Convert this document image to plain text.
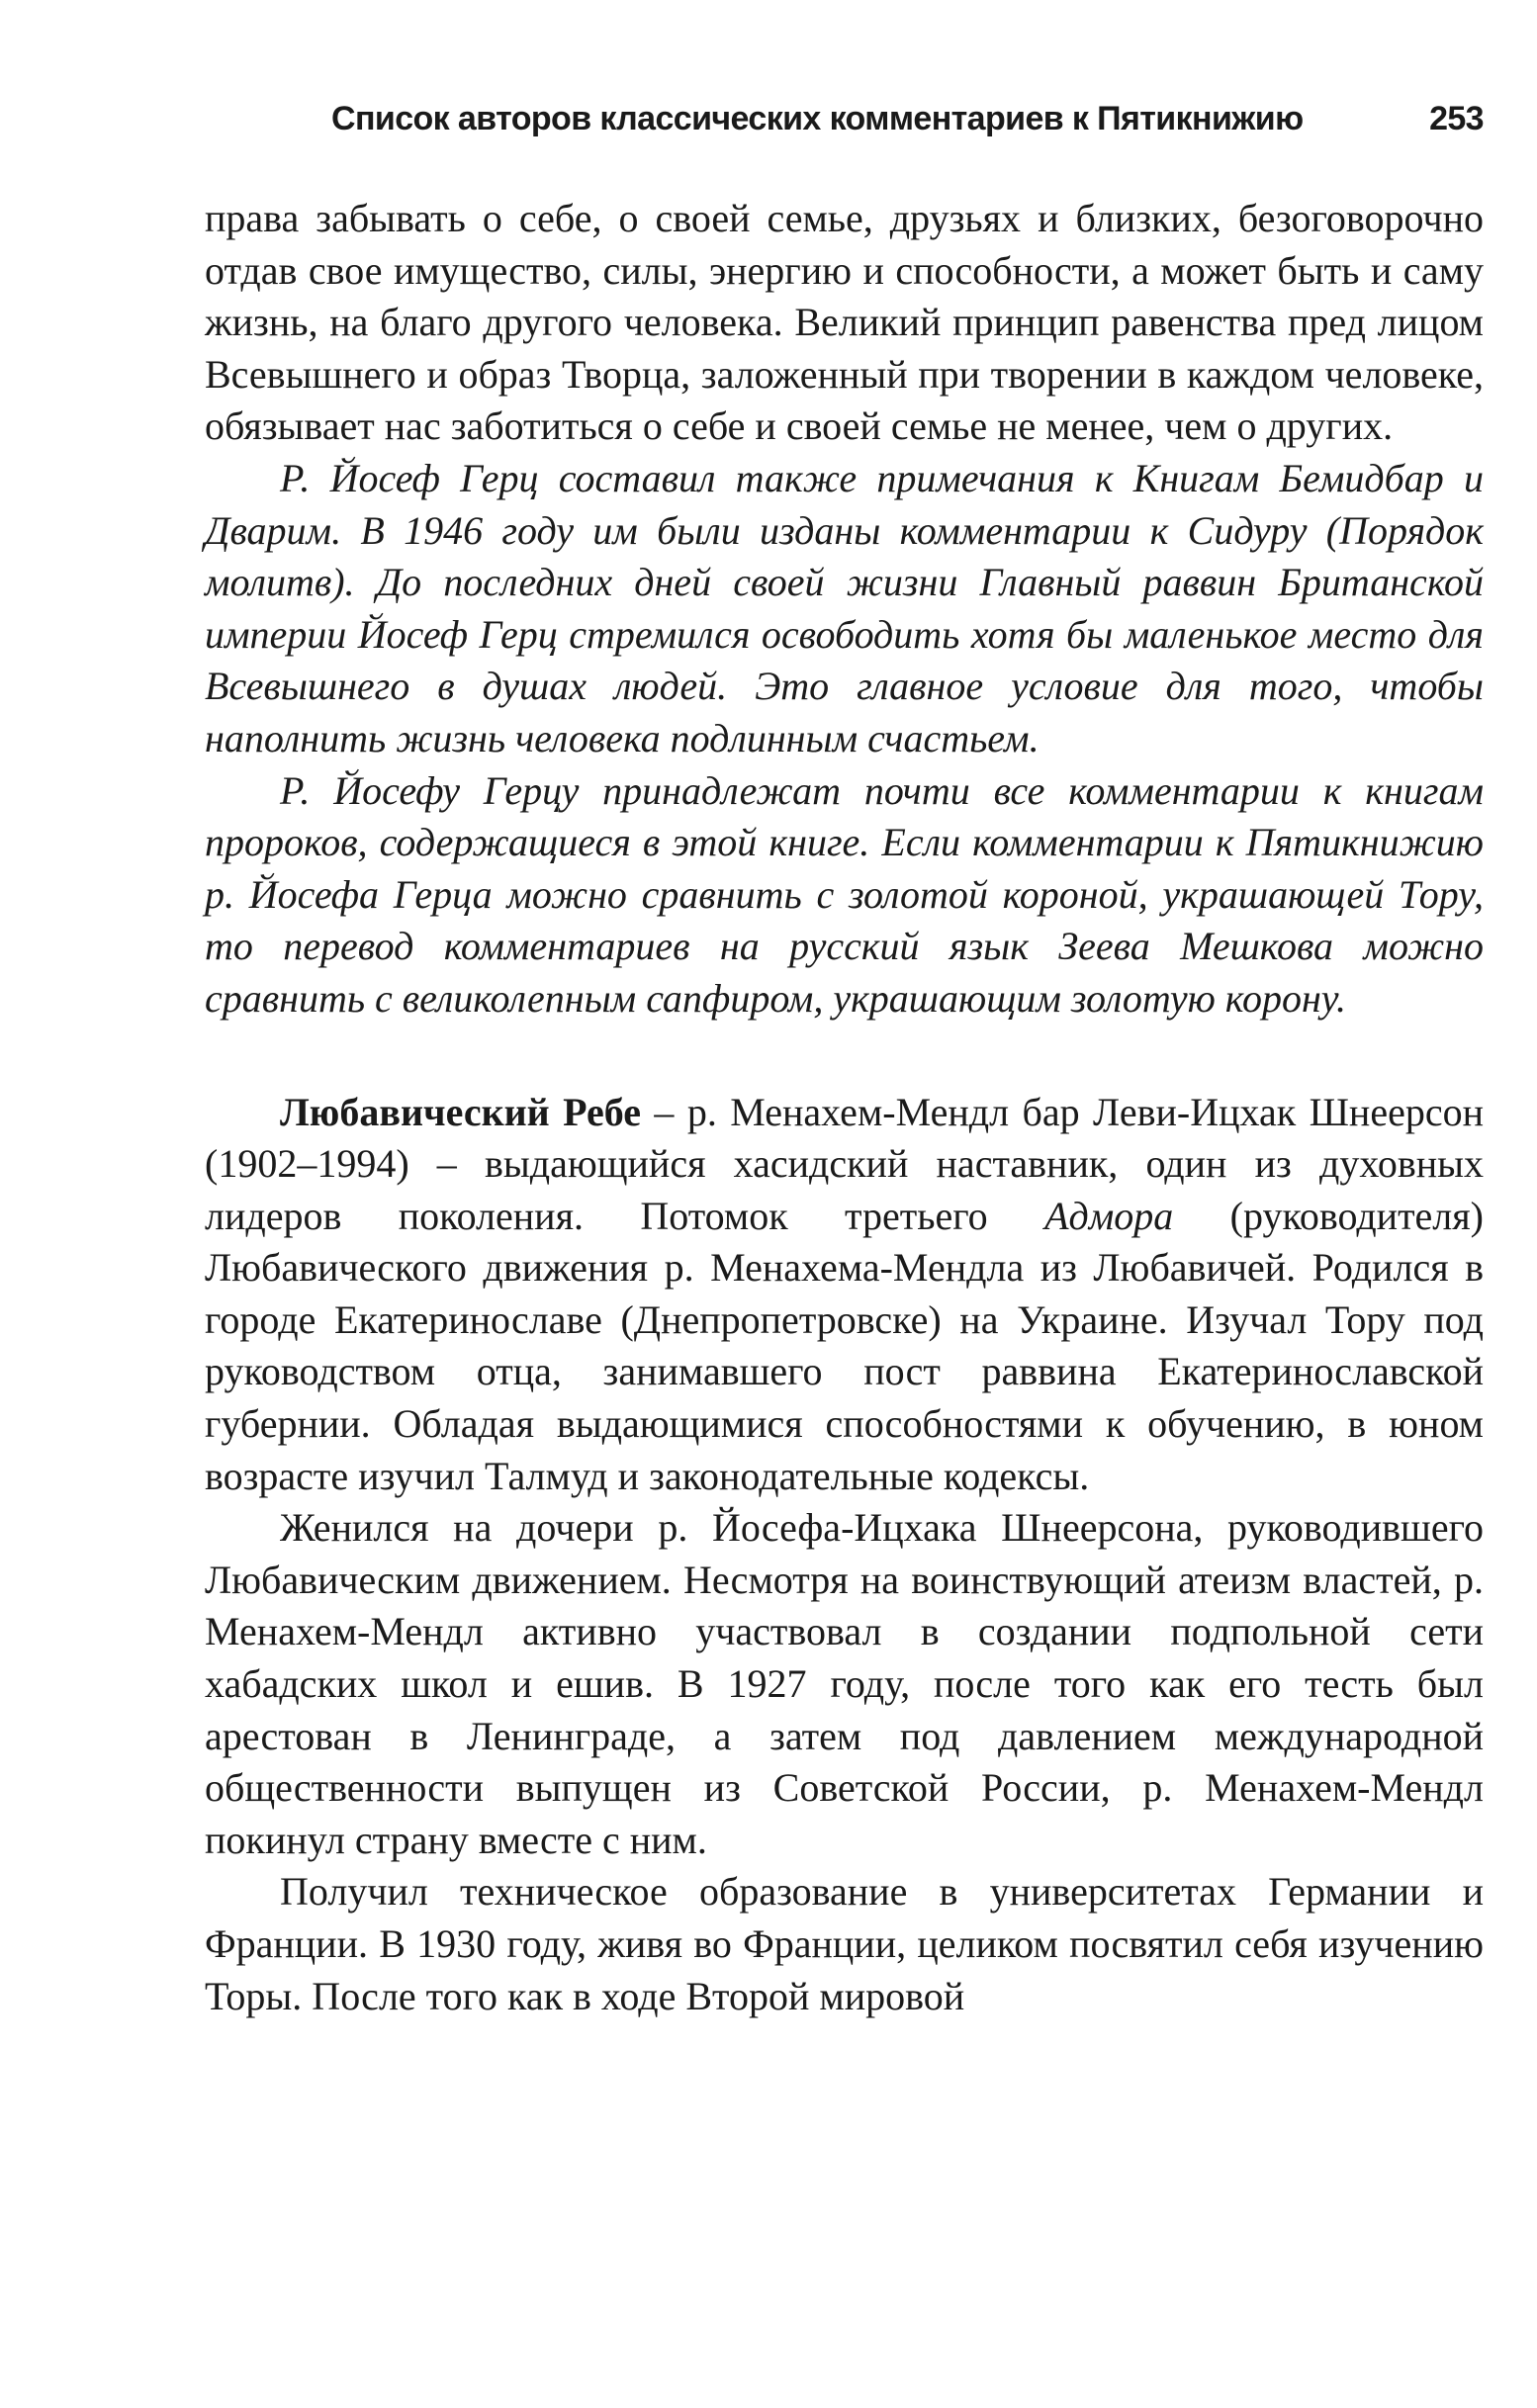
Список авторов классических комментариев к Пятикнижию	253

права забывать о себе, о своей семье, друзьях и близких, безоговорочно отдав свое имущество, силы, энергию и способности, а может быть и саму жизнь, на благо другого человека. Великий принцип равенства пред лицом Всевышнего и образ Творца, заложенный при творении в каждом человеке, обязывает нас заботиться о себе и своей семье не менее, чем о других.

Р. Йосеф Герц составил также примечания к Книгам Бемидбар и Дварим. В 1946 году им были изданы комментарии к Сидуру (Порядок молитв). До последних дней своей жизни Главный раввин Британской империи Йосеф Герц стремился освободить хотя бы маленькое место для Всевышнего в душах людей. Это главное условие для того, чтобы наполнить жизнь человека подлинным счастьем.

Р. Йосефу Герцу принадлежат почти все комментарии к книгам пророков, содержащиеся в этой книге. Если комментарии к Пятикнижию р. Йосефа Герца можно сравнить с золотой короной, украшающей Тору, то перевод комментариев на русский язык Зеева Мешкова можно сравнить с великолепным сапфиром, украшающим золотую корону.

Любавический Ребе – р. Менахем-Мендл бар Леви-Ицхак Шнеерсон (1902–1994) – выдающийся хасидский наставник, один из духовных лидеров поколения. Потомок третьего Адмора (руководителя) Любавического движения р. Менахема-Мендла из Любавичей. Родился в городе Екатеринославе (Днепропетровске) на Украине. Изучал Тору под руководством отца, занимавшего пост раввина Екатеринославской губернии. Обладая выдающимися способностями к обучению, в юном возрасте изучил Талмуд и законодательные кодексы.

Женился на дочери р. Йосефа-Ицхака Шнеерсона, руководившего Любавическим движением. Несмотря на воинствующий атеизм властей, р. Менахем-Мендл активно участвовал в создании подпольной сети хабадских школ и ешив. В 1927 году, после того как его тесть был арестован в Ленинграде, а затем под давлением международной общественности выпущен из Советской России, р. Менахем-Мендл покинул страну вместе с ним.

Получил техническое образование в университетах Германии и Франции. В 1930 году, живя во Франции, целиком посвятил себя изучению Торы. После того как в ходе Второй мировой
